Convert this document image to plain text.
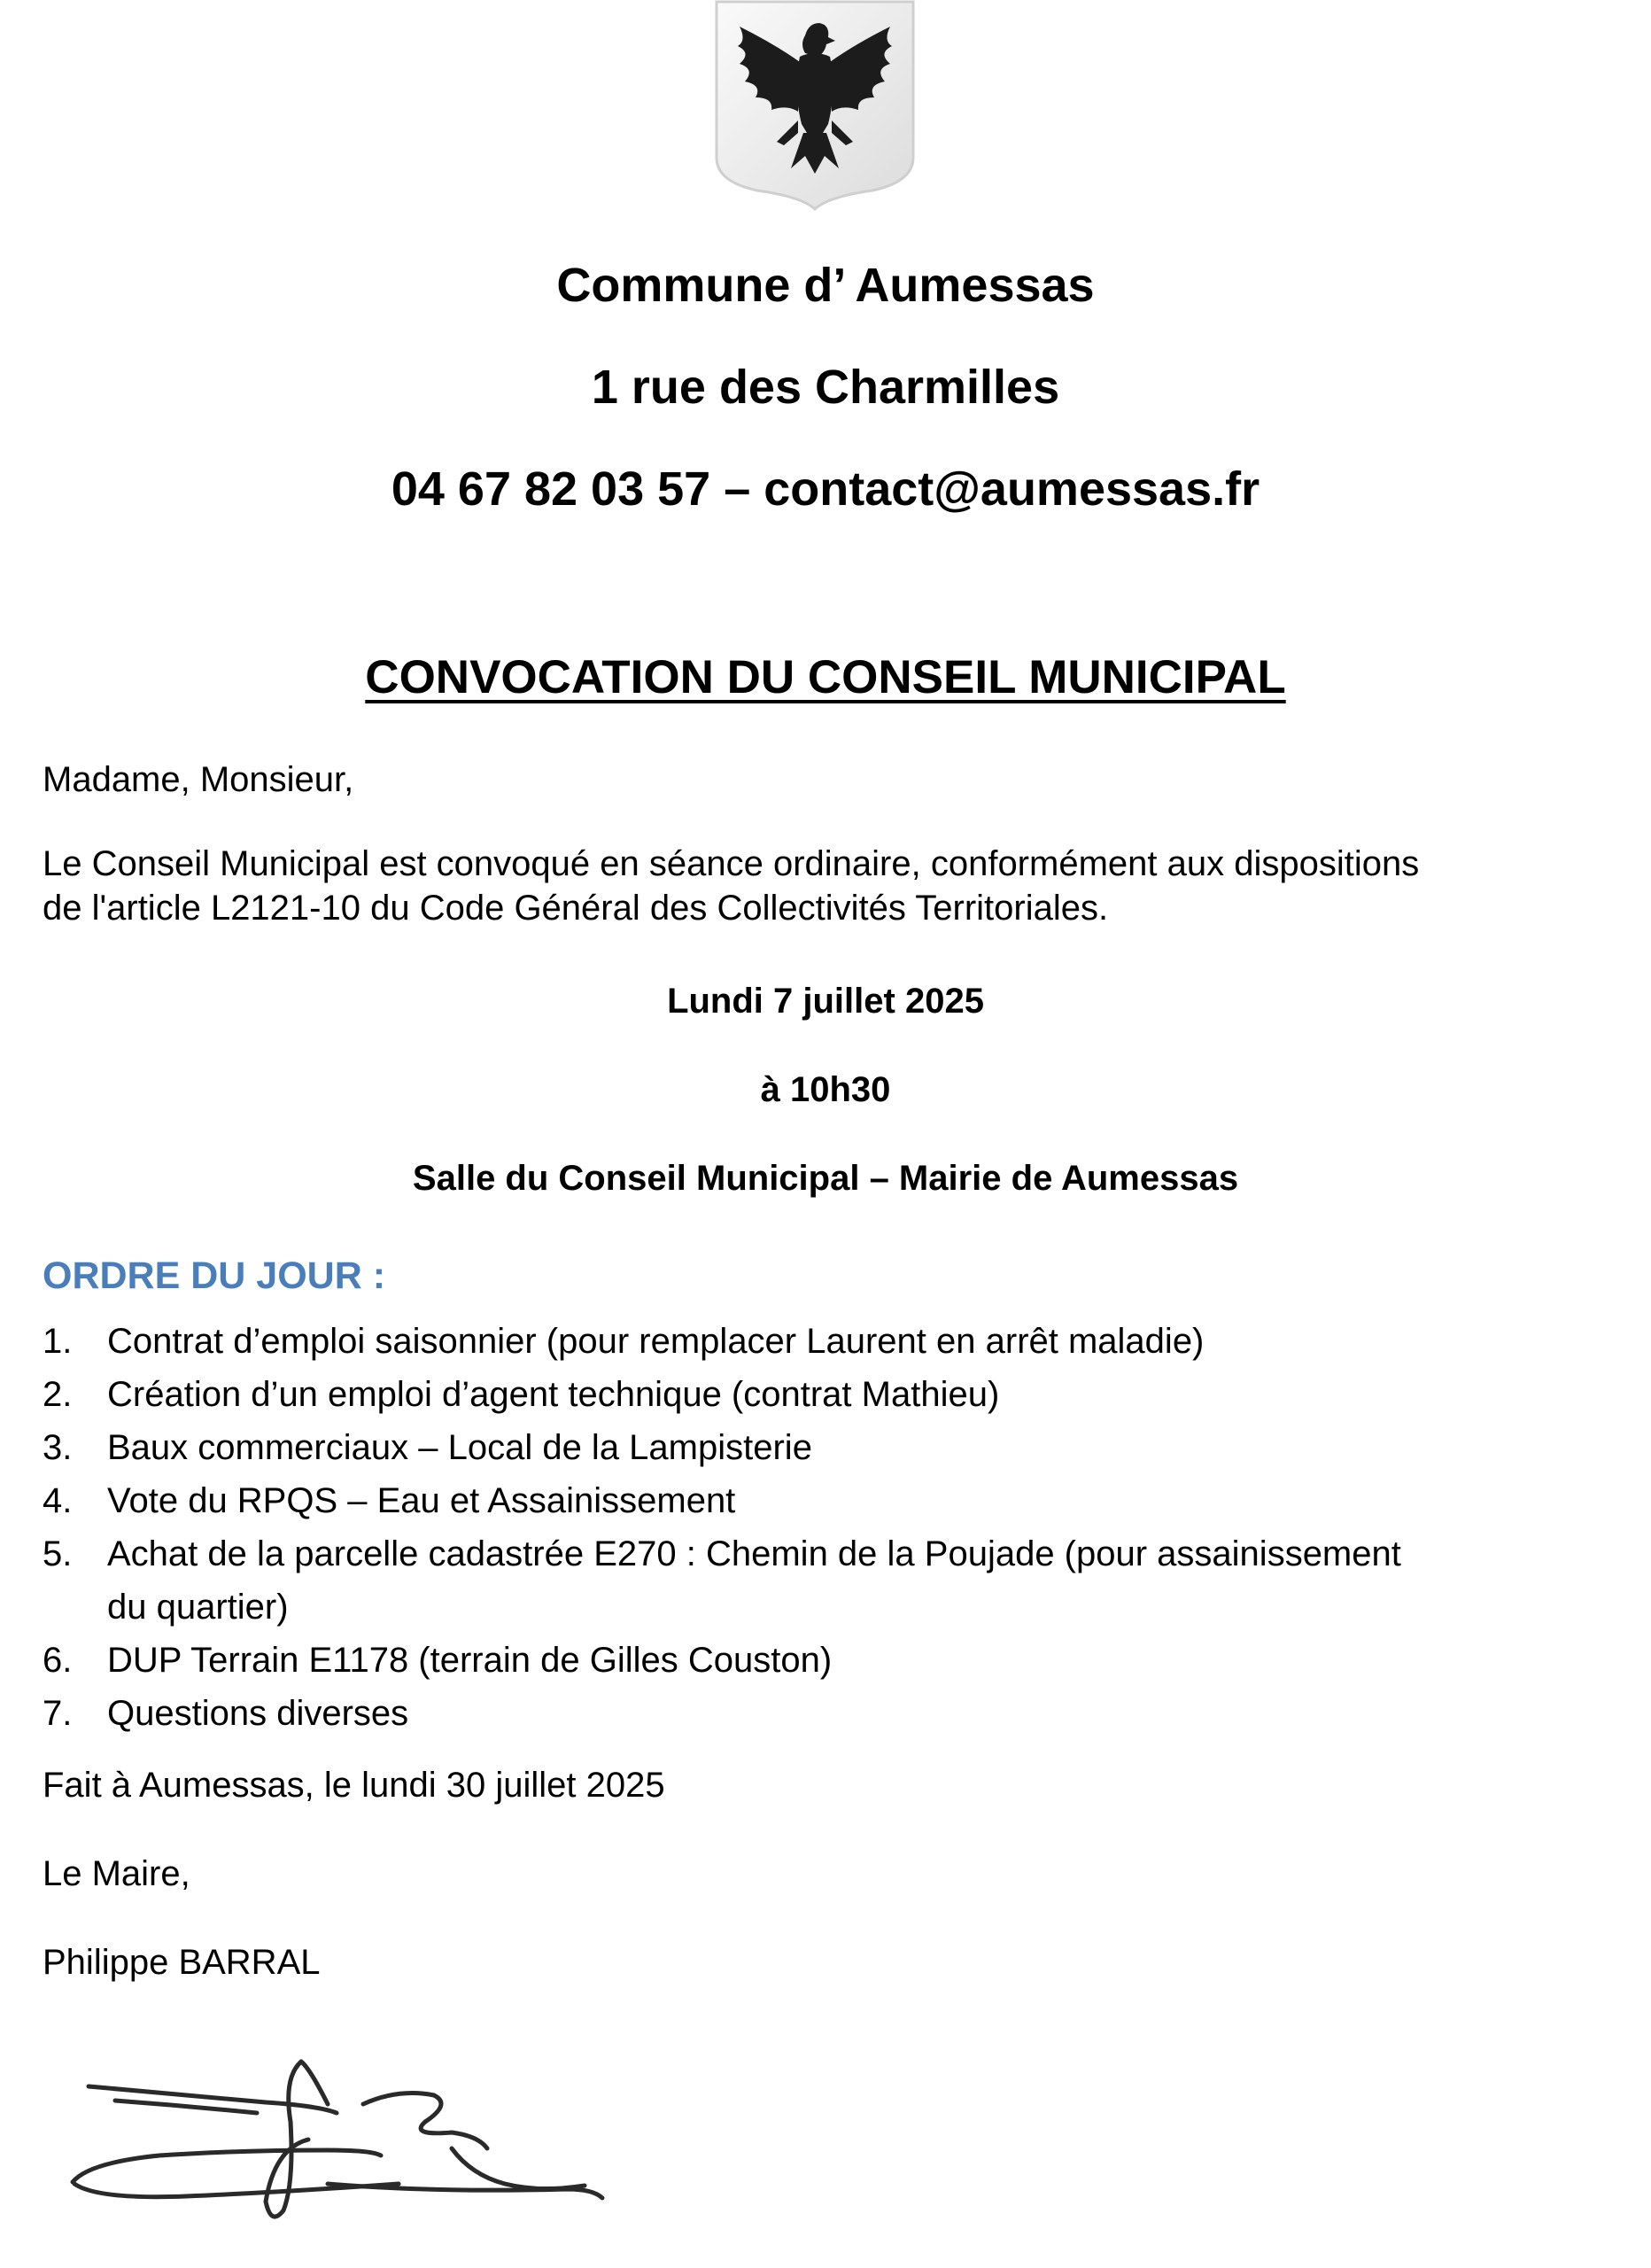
Commune d’ Aumessas
1 rue des Charmilles
04 67 82 03 57 – contact@aumessas.fr
CONVOCATION DU CONSEIL MUNICIPAL
Madame, Monsieur,
Le Conseil Municipal est convoqué en séance ordinaire, conformément aux dispositions
de l'article L2121-10 du Code Général des Collectivités Territoriales.
Lundi 7 juillet 2025
à 10h30
Salle du Conseil Municipal – Mairie de Aumessas
ORDRE DU JOUR :
1. Contrat d’emploi saisonnier (pour remplacer Laurent en arrêt maladie)
2. Création d’un emploi d’agent technique (contrat Mathieu)
3. Baux commerciaux – Local de la Lampisterie
4. Vote du RPQS – Eau et Assainissement
5. Achat de la parcelle cadastrée E270 : Chemin de la Poujade (pour assainissement
du quartier)
6. DUP Terrain E1178 (terrain de Gilles Couston)
7. Questions diverses
Fait à Aumessas, le lundi 30 juillet 2025
Le Maire,
Philippe BARRAL
